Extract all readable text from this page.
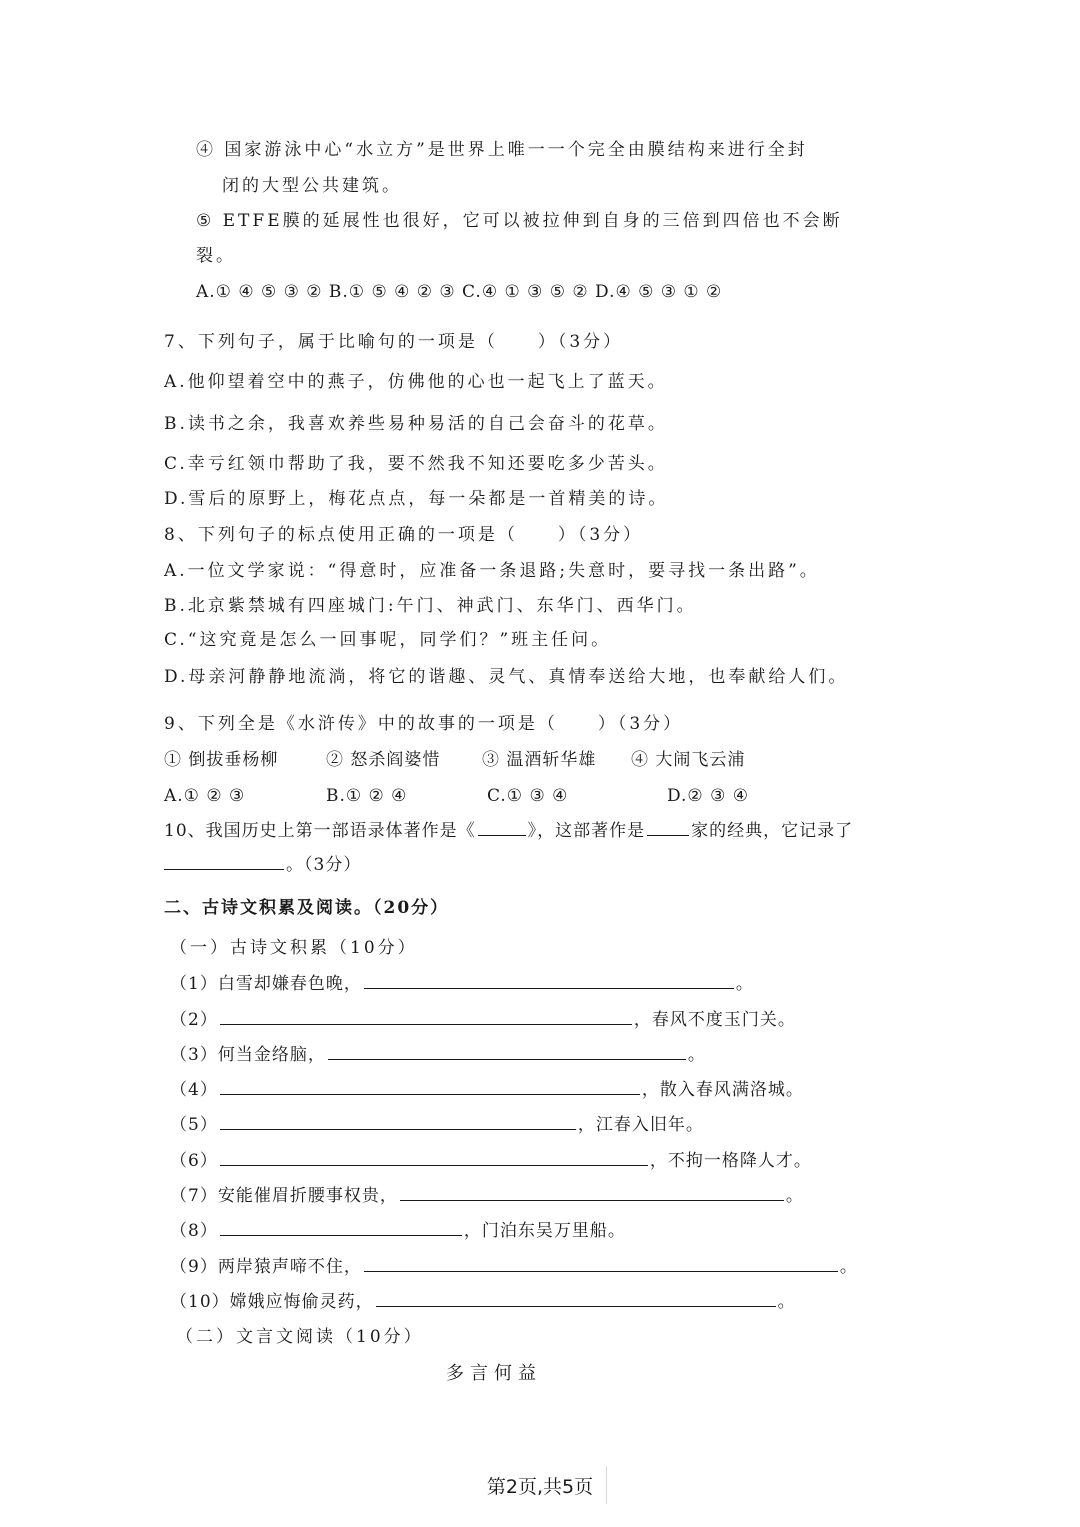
④ 国家游泳中心“水立方”是世界上唯一一个完全由膜结构来进行全封
闭的大型公共建筑。
⑤ ETFE膜的延展性也很好，它可以被拉伸到自身的三倍到四倍也不会断
裂。
A.① ④ ⑤ ③ ② B.① ⑤ ④ ② ③ C.④ ① ③ ⑤ ② D.④ ⑤ ③ ① ②
7、下列句子，属于比喻句的一项是（　　）（3分）
A.他仰望着空中的燕子，仿佛他的心也一起飞上了蓝天。
B.读书之余，我喜欢养些易种易活的自己会奋斗的花草。
C.幸亏红领巾帮助了我，要不然我不知还要吃多少苦头。
D.雪后的原野上，梅花点点，每一朵都是一首精美的诗。
8、下列句子的标点使用正确的一项是（　　）（3分）
A.一位文学家说：“得意时，应准备一条退路;失意时，要寻找一条出路”。
B.北京紫禁城有四座城门:午门、神武门、东华门、西华门。
C.“这究竟是怎么一回事呢，同学们？”班主任问。
D.母亲河静静地流淌，将它的谐趣、灵气、真情奉送给大地，也奉献给人们。
9、下列全是《水浒传》中的故事的一项是（　　）（3分）
① 倒拔垂杨柳	② 怒杀阎婆惜 ③ 温酒斩华雄 ④ 大闹飞云浦
A.① ② ③	B.① ② ④	C.① ③ ④	D.② ③ ④
10、我国历史上第一部语录体著作是《	》，这部著作是	家的经典，它记录了
。（3分）
二、古诗文积累及阅读。（20分）
（一）古诗文积累（10分）
（1）白雪却嫌春色晚，	。
（2）	，春风不度玉门关。
（3）何当金络脑，	。
（4）	，散入春风满洛城。
（5）	，江春入旧年。
（6）	，不拘一格降人才。
（7）安能催眉折腰事权贵，	。
（8）	，门泊东吴万里船。
（9）两岸猿声啼不住，	。
（10）嫦娥应悔偷灵药，	。
（二）文言文阅读（10分）
多言何益
第2页,共5页
